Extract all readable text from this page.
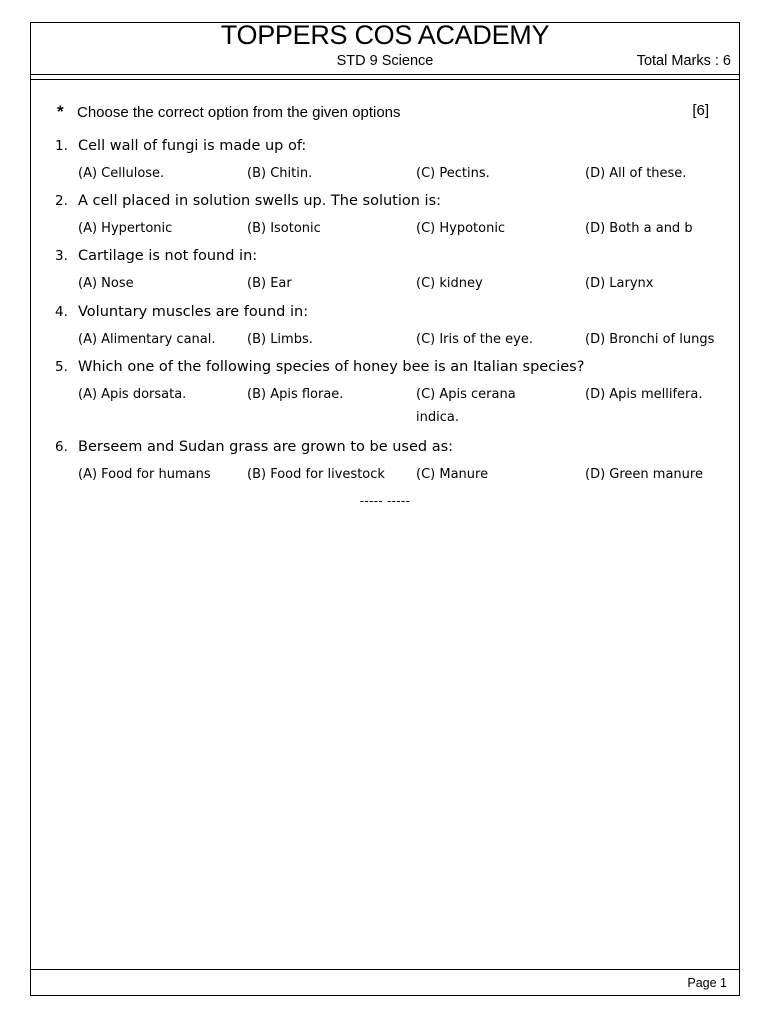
TOPPERS COS ACADEMY
STD 9 Science	Total Marks : 6
* Choose the correct option from the given options	[6]
1. Cell wall of fungi is made up of:
(A) Cellulose.	(B) Chitin.	(C) Pectins.	(D) All of these.
2. A cell placed in solution swells up. The solution is:
(A) Hypertonic	(B) Isotonic	(C) Hypotonic	(D) Both a and b
3. Cartilage is not found in:
(A) Nose	(B) Ear	(C) kidney	(D) Larynx
4. Voluntary muscles are found in:
(A) Alimentary canal.	(B) Limbs.	(C) Iris of the eye.	(D) Bronchi of lungs
5. Which one of the following species of honey bee is an Italian species?
(A) Apis dorsata.	(B) Apis florae.	(C) Apis cerana indica.
(D) Apis mellifera.
6. Berseem and Sudan grass are grown to be used as:
(A) Food for humans	(B) Food for livestock	(C) Manure	(D) Green manure
----- -----
Page 1
